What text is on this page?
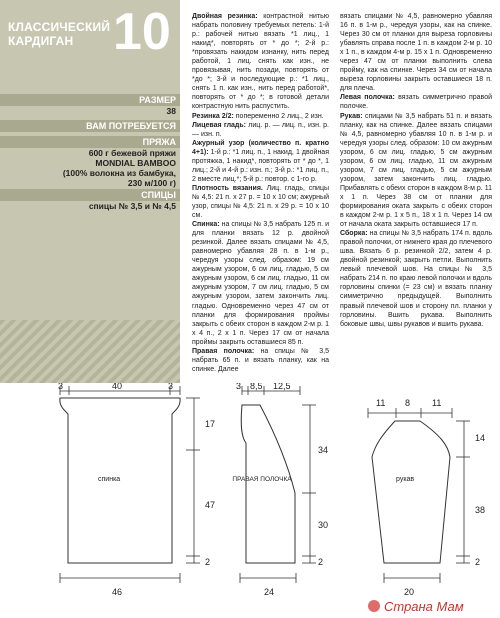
КЛАССИЧЕСКИЙ КАРДИГАН 10
РАЗМЕР
38
ВАМ ПОТРЕБУЕТСЯ
ПРЯЖА
600 г бежевой пряжи
MONDIAL BAMBOO
(100% волокна из бамбука,
230 м/100 г)
СПИЦЫ
спицы № 3,5 и № 4,5

Двойная резинка: контрастной нитью набрать половину требуемых петель: 1-й р.: рабочей нитью вязать *1 лиц., 1 накид*, повторять от * до *; 2-й р.: *провязать накидом изнанку, нить перед работой, 1 лиц. снять как изн., не провязывая, нить позади, повторять от *до *; 3-й и последующие р.: *1 лиц., снять 1 п. как изн., нить перед работой*, повторять от * до *; в готовой детали контрастную нить распустить.

Резинка 2/2: попеременно 2 лиц., 2 изн.

Лицевая гладь: лиц. р. — лиц. п., изн. р. — изн. п.

Ажурный узор (количество п. кратно 4+1): 1-й р.: *1 лиц. п., 1 накид, 1 двойная протяжка, 1 накид*, повторять от * до *, 1 лиц.; 2-й и 4-й р.: изн. п.; 3-й р.: *1 лиц. п., 2 вместе лиц.*; 5-й р.: повтор. с 1-го р.

Плотность вязания. Лиц. гладь, спицы № 4,5: 21 п. х 27 р. = 10 х 10 см; ажурный узор, спицы № 4,5: 21 п. х 29 р. = 10 х 10 см.

Спинка: на спицы № 3,5 набрать 125 п. и для планки вязать 12 р. двойной резинкой. Далее вязать спицами № 4,5, равномерно убавляя 28 п. в 1-м р., чередуя узоры след. образом: 19 см ажурным узором, 6 см лиц. гладью, 5 см ажурным узором, 6 см лиц. гладью, 11 см ажурным узором, 7 см лиц. гладью, 5 см ажурным узором, затем закончить лиц. гладью. Одновременно через 47 см от планки для формирования проймы закрыть с обеих сторон в каждом 2-м р. 1 х 4 п., 2 х 1 п. Через 17 см от начала проймы закрыть оставшиеся 85 п.

Правая полочка: на спицы № 3,5 набрать 65 п. и вязать планку, как на спинке. Далее

вязать спицами № 4,5, равномерно убавляя 16 п. в 1-м р., чередуя узоры, как на спинке. Через 30 см от планки для выреза горловины убавлять справа после 1 п. в каждом 2-м р. 10 х 1 п., в каждом 4-м р. 15 х 1 п. Одновременно через 47 см от планки выполнить слева пройму, как на спинке. Через 34 см от начала выреза горловины закрыть оставшиеся 18 п. для плеча.

Левая полочка: вязать симметрично правой полочке.

Рукав: спицами № 3,5 набрать 51 п. и вязать планку, как на спинке. Далее вязать спицами № 4,5, равномерно убавляя 10 п. в 1-м р. и чередуя узоры след. образом: 10 см ажурным узором, 6 см лиц. гладью, 5 см ажурным узором, 6 см лиц. гладью, 11 см ажурным узором, 7 см лиц. гладью, 5 см ажурным узором, затем закончить лиц. гладью. Прибавлять с обеих сторон в каждом 8-м р. 11 х 1 п. Через 38 см от планки для формирования оката закрыть с обеих сторон в каждом 2-м р. 1 х 5 п., 18 х 1 п. Через 14 см от начала оката закрыть оставшиеся 17 п.

Сборка: на спицы № 3,5 набрать 174 п. вдоль правой полочки, от нижнего края до плечевого шва. Вязать 6 р. резинкой 2/2, затем 4 р. двойной резинкой; закрыть петли. Выполнить левый плечевой шов. На спицы № 3,5 набрать 214 п. по краю левой полочки и вдоль горловины спинки (= 23 см) и вязать планку симметрично предыдущей. Выполнить правый плечевой шов и сторону пл. планки у горловины. Вшить рукава. Выполнить боковые швы, швы рукавов и вшить рукава.

3	40	3
17
47
2
46
спинка
3 8,5 12,5
34
30
2
24
ПРАВАЯ ПОЛОЧКА
11 8 11
14
38
2
20
рукав
Страна Мам
